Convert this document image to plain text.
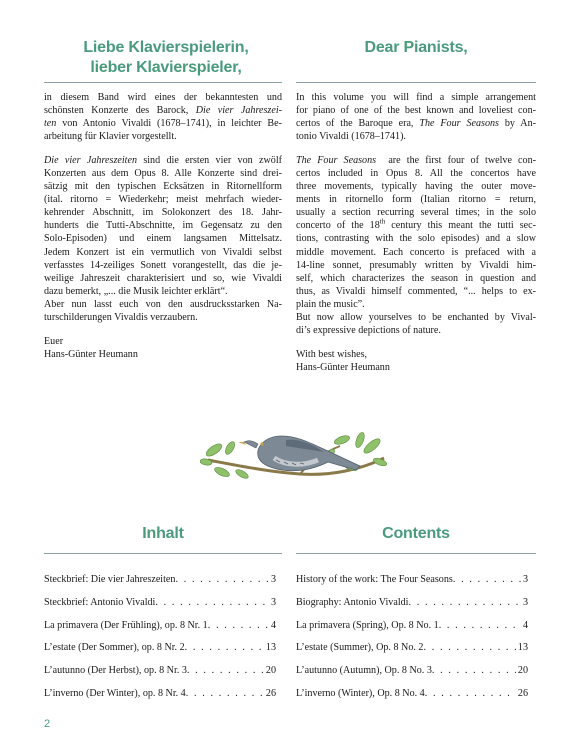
Liebe Klavierspielerin,
lieber Klavierspieler,
Dear Pianists,

in diesem Band wird eines der bekanntesten und
schönsten Konzerte des Barock, Die vier Jahreszei-
ten von Antonio Vivaldi (1678–1741), in leichter Be-
arbeitung für Klavier vorgestellt.

Die vier Jahreszeiten sind die ersten vier von zwölf
Konzerten aus dem Opus 8. Alle Konzerte sind drei-
sätzig mit den typischen Ecksätzen in Ritornellform
(ital. ritorno = Wiederkehr; meist mehrfach wieder-
kehrender Abschnitt, im Solokonzert des 18. Jahr-
hunderts die Tutti-Abschnitte, im Gegensatz zu den
Solo-Episoden) und einem langsamen Mittelsatz.
Jedem Konzert ist ein vermutlich von Vivaldi selbst
verfasstes 14-zeiliges Sonett vorangestellt, das die je-
weilige Jahreszeit charakterisiert und so, wie Vivaldi
dazu bemerkt, „... die Musik leichter erklärt“.
Aber nun lasst euch von den ausdrucksstarken Na-
turschilderungen Vivaldis verzaubern.

Euer
Hans-Günter Heumann

In this volume you will find a simple arrangement
for piano of one of the best known and loveliest con-
certos of the Baroque era, The Four Seasons by An-
tonio Vivaldi (1678–1741).

The Four Seasons  are the first four of twelve con-
certos included in Opus 8. All the concertos have
three movements, typically having the outer move-
ments in ritornello form (Italian ritorno = return,
usually a section recurring several times; in the solo
concerto of the 18th century this meant the tutti sec-
tions, contrasting with the solo episodes) and a slow
middle movement. Each concerto is prefaced with a
14-line sonnet, presumably written by Vivaldi him-
self, which characterizes the season in question and
thus, as Vivaldi himself commented, “... helps to ex-
plain the music”.
But now allow yourselves to be enchanted by Vival-
di’s expressive depictions of nature.

With best wishes,
Hans-Günter Heumann

Inhalt	Contents
Steckbrief: Die vier Jahreszeiten . . .	3
Steckbrief: Antonio Vivaldi . . .	3
La primavera (Der Frühling), op. 8 Nr. 1 . . .	4
L’estate (Der Sommer), op. 8 Nr. 2 . . .	13
L’autunno (Der Herbst), op. 8 Nr. 3 . . .	20
L’inverno (Der Winter), op. 8 Nr. 4 . . .	26
History of the work: The Four Seasons . . .	3
Biography: Antonio Vivaldi . . .	3
La primavera (Spring), Op. 8 No. 1 . . .	4
L’estate (Summer), Op. 8 No. 2 . . .	13
L’autunno (Autumn), Op. 8 No. 3 . . .	20
L’inverno (Winter), Op. 8 No. 4 . . .	26
2
